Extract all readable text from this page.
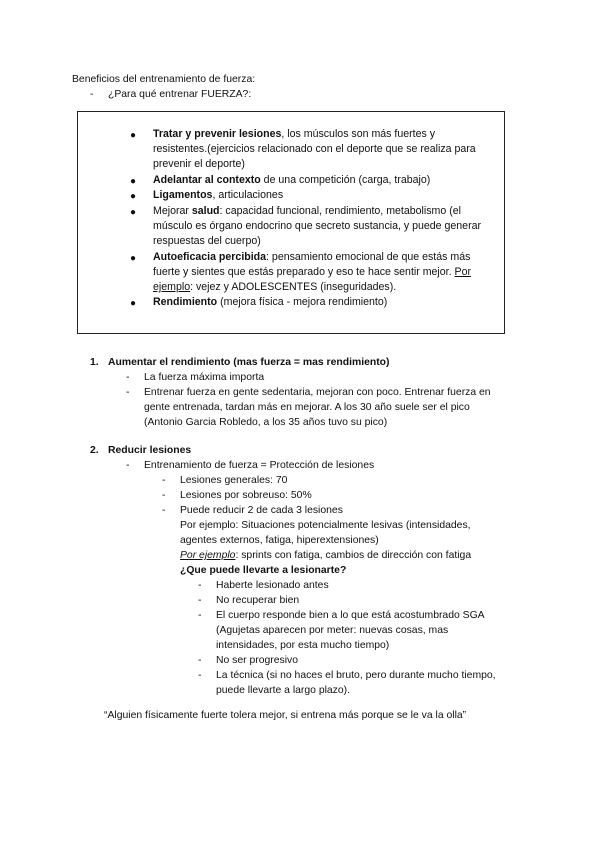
Beneficios del entrenamiento de fuerza:
- ¿Para qué entrenar FUERZA?:
● Tratar y prevenir lesiones, los músculos son más fuertes y
resistentes.(ejercicios relacionado con el deporte que se realiza para
prevenir el deporte)
● Adelantar al contexto de una competición (carga, trabajo)
● Ligamentos, articulaciones
● Mejorar salud: capacidad funcional, rendimiento, metabolismo (el
músculo es órgano endocrino que secreto sustancia, y puede generar
respuestas del cuerpo)
● Autoeficacia percibida: pensamiento emocional de que estás más
fuerte y sientes que estás preparado y eso te hace sentir mejor. Por
ejemplo: vejez y ADOLESCENTES (inseguridades).
● Rendimiento (mejora física - mejora rendimiento)
1. Aumentar el rendimiento (mas fuerza = mas rendimiento)
- La fuerza máxima importa
- Entrenar fuerza en gente sedentaria, mejoran con poco. Entrenar fuerza en
gente entrenada, tardan más en mejorar. A los 30 año suele ser el pico
(Antonio Garcia Robledo, a los 35 años tuvo su pico)
2. Reducir lesiones
- Entrenamiento de fuerza = Protección de lesiones
- Lesiones generales: 70
- Lesiones por sobreuso: 50%
- Puede reducir 2 de cada 3 lesiones
Por ejemplo: Situaciones potencialmente lesivas (intensidades,
agentes externos, fatiga, hiperextensiones)
Por ejemplo: sprints con fatiga, cambios de dirección con fatiga
¿Que puede llevarte a lesionarte?
- Haberte lesionado antes
- No recuperar bien
- El cuerpo responde bien a lo que está acostumbrado SGA
(Agujetas aparecen por meter: nuevas cosas, mas
intensidades, por esta mucho tiempo)
- No ser progresivo
- La técnica (si no haces el bruto, pero durante mucho tiempo,
puede llevarte a largo plazo).
“Alguien físicamente fuerte tolera mejor, si entrena más porque se le va la olla”
